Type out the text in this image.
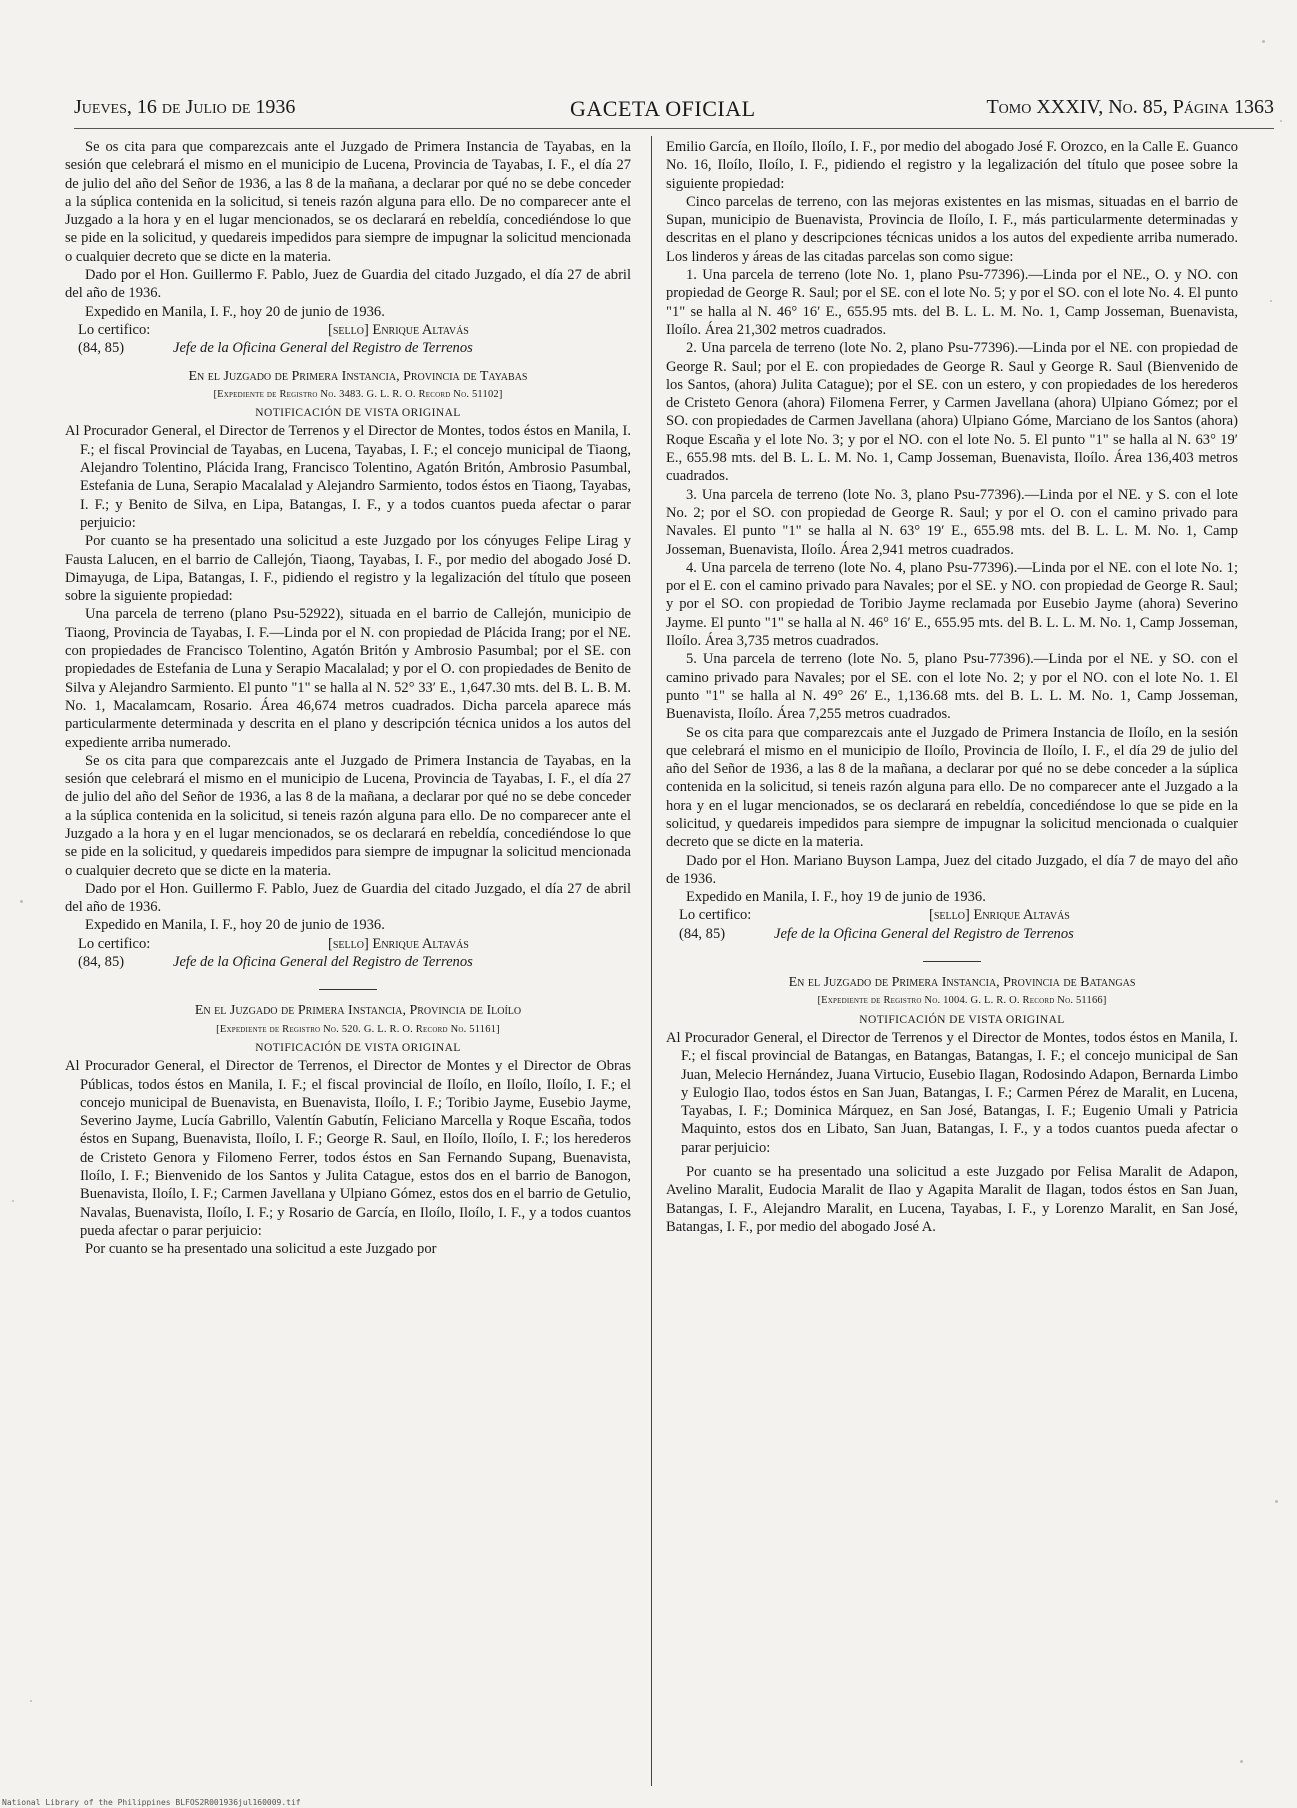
Jueves, 16 de Julio de 1936	GACETA OFICIAL	Tomo XXXIV, No. 85, Página 1363

Se os cita para que comparezcais ante el Juzgado de Primera Instancia de Tayabas, en la sesión que celebrará el mismo en el municipio de Lucena, Provincia de Tayabas, I. F., el día 27 de julio del año del Señor de 1936, a las 8 de la mañana, a declarar por qué no se debe conceder a la súplica contenida en la solicitud, si teneis razón alguna para ello. De no comparecer ante el Juzgado a la hora y en el lugar mencionados, se os declarará en rebeldía, concediéndose lo que se pide en la solicitud, y quedareis impedidos para siempre de impugnar la solicitud mencionada o cualquier decreto que se dicte en la materia.

Dado por el Hon. Guillermo F. Pablo, Juez de Guardia del citado Juzgado, el día 27 de abril del año de 1936.

Expedido en Manila, I. F., hoy 20 de junio de 1936.

Lo certifico:	[sello] Enrique Altavás
(84, 85)	Jefe de la Oficina General del Registro de Terrenos

En el Juzgado de Primera Instancia, Provincia de Tayabas

[Expediente de Registro No. 3483. G. L. R. O. Record No. 51102]

NOTIFICACIÓN DE VISTA ORIGINAL

Al Procurador General, el Director de Terrenos y el Director de Montes, todos éstos en Manila, I. F.; el fiscal Provincial de Tayabas, en Lucena, Tayabas, I. F.; el concejo municipal de Tiaong, Alejandro Tolentino, Plácida Irang, Francisco Tolentino, Agatón Britón, Ambrosio Pasumbal, Estefania de Luna, Serapio Macalalad y Alejandro Sarmiento, todos éstos en Tiaong, Tayabas, I. F.; y Benito de Silva, en Lipa, Batangas, I. F., y a todos cuantos pueda afectar o parar perjuicio:

Por cuanto se ha presentado una solicitud a este Juzgado por los cónyuges Felipe Lirag y Fausta Lalucen, en el barrio de Callejón, Tiaong, Tayabas, I. F., por medio del abogado José D. Dimayuga, de Lipa, Batangas, I. F., pidiendo el registro y la legalización del título que poseen sobre la siguiente propiedad:

Una parcela de terreno (plano Psu-52922), situada en el barrio de Callejón, municipio de Tiaong, Provincia de Tayabas, I. F.—Linda por el N. con propiedad de Plácida Irang; por el NE. con propiedades de Francisco Tolentino, Agatón Britón y Ambrosio Pasumbal; por el SE. con propiedades de Estefania de Luna y Serapio Macalalad; y por el O. con propiedades de Benito de Silva y Alejandro Sarmiento. El punto "1" se halla al N. 52° 33′ E., 1,647.30 mts. del B. L. B. M. No. 1, Macalamcam, Rosario. Área 46,674 metros cuadrados. Dicha parcela aparece más particularmente determinada y descrita en el plano y descripción técnica unidos a los autos del expediente arriba numerado.

Se os cita para que comparezcais ante el Juzgado de Primera Instancia de Tayabas, en la sesión que celebrará el mismo en el municipio de Lucena, Provincia de Tayabas, I. F., el día 27 de julio del año del Señor de 1936, a las 8 de la mañana, a declarar por qué no se debe conceder a la súplica contenida en la solicitud, si teneis razón alguna para ello. De no comparecer ante el Juzgado a la hora y en el lugar mencionados, se os declarará en rebeldía, concediéndose lo que se pide en la solicitud, y quedareis impedidos para siempre de impugnar la solicitud mencionada o cualquier decreto que se dicte en la materia.

Dado por el Hon. Guillermo F. Pablo, Juez de Guardia del citado Juzgado, el día 27 de abril del año de 1936.

Expedido en Manila, I. F., hoy 20 de junio de 1936.

Lo certifico:	[sello] Enrique Altavás
(84, 85)	Jefe de la Oficina General del Registro de Terrenos

En el Juzgado de Primera Instancia, Provincia de Iloílo

[Expediente de Registro No. 520. G. L. R. O. Record No. 51161]

NOTIFICACIÓN DE VISTA ORIGINAL

Al Procurador General, el Director de Terrenos, el Director de Montes y el Director de Obras Públicas, todos éstos en Manila, I. F.; el fiscal provincial de Iloílo, en Iloílo, Iloílo, I. F.; el concejo municipal de Buenavista, en Buenavista, Iloílo, I. F.; Toribio Jayme, Eusebio Jayme, Severino Jayme, Lucía Gabrillo, Valentín Gabutín, Feliciano Marcella y Roque Escaña, todos éstos en Supang, Buenavista, Iloílo, I. F.; George R. Saul, en Iloílo, Iloílo, I. F.; los herederos de Cristeto Genora y Filomeno Ferrer, todos éstos en San Fernando Supang, Buenavista, Iloílo, I. F.; Bienvenido de los Santos y Julita Catague, estos dos en el barrio de Banogon, Buenavista, Iloílo, I. F.; Carmen Javellana y Ulpiano Gómez, estos dos en el barrio de Getulio, Navalas, Buenavista, Iloílo, I. F.; y Rosario de García, en Iloílo, Iloílo, I. F., y a todos cuantos pueda afectar o parar perjuicio:

Por cuanto se ha presentado una solicitud a este Juzgado por

Emilio García, en Iloílo, Iloílo, I. F., por medio del abogado José F. Orozco, en la Calle E. Guanco No. 16, Iloílo, Iloílo, I. F., pidiendo el registro y la legalización del título que posee sobre la siguiente propiedad:

Cinco parcelas de terreno, con las mejoras existentes en las mismas, situadas en el barrio de Supan, municipio de Buenavista, Provincia de Iloílo, I. F., más particularmente determinadas y descritas en el plano y descripciones técnicas unidos a los autos del expediente arriba numerado. Los linderos y áreas de las citadas parcelas son como sigue:

1. Una parcela de terreno (lote No. 1, plano Psu-77396).—Linda por el NE., O. y NO. con propiedad de George R. Saul; por el SE. con el lote No. 5; y por el SO. con el lote No. 4. El punto "1" se halla al N. 46° 16′ E., 655.95 mts. del B. L. L. M. No. 1, Camp Josseman, Buenavista, Iloílo. Área 21,302 metros cuadrados.

2. Una parcela de terreno (lote No. 2, plano Psu-77396).—Linda por el NE. con propiedad de George R. Saul; por el E. con propiedades de George R. Saul y George R. Saul (Bienvenido de los Santos, (ahora) Julita Catague); por el SE. con un estero, y con propiedades de los herederos de Cristeto Genora (ahora) Filomena Ferrer, y Carmen Javellana (ahora) Ulpiano Gómez; por el SO. con propiedades de Carmen Javellana (ahora) Ulpiano Góme, Marciano de los Santos (ahora) Roque Escaña y el lote No. 3; y por el NO. con el lote No. 5. El punto "1" se halla al N. 63° 19′ E., 655.98 mts. del B. L. L. M. No. 1, Camp Josseman, Buenavista, Iloílo. Área 136,403 metros cuadrados.

3. Una parcela de terreno (lote No. 3, plano Psu-77396).—Linda por el NE. y S. con el lote No. 2; por el SO. con propiedad de George R. Saul; y por el O. con el camino privado para Navales. El punto "1" se halla al N. 63° 19′ E., 655.98 mts. del B. L. L. M. No. 1, Camp Josseman, Buenavista, Iloílo. Área 2,941 metros cuadrados.

4. Una parcela de terreno (lote No. 4, plano Psu-77396).—Linda por el NE. con el lote No. 1; por el E. con el camino privado para Navales; por el SE. y NO. con propiedad de George R. Saul; y por el SO. con propiedad de Toribio Jayme reclamada por Eusebio Jayme (ahora) Severino Jayme. El punto "1" se halla al N. 46° 16′ E., 655.95 mts. del B. L. L. M. No. 1, Camp Josseman, Iloílo. Área 3,735 metros cuadrados.

5. Una parcela de terreno (lote No. 5, plano Psu-77396).—Linda por el NE. y SO. con el camino privado para Navales; por el SE. con el lote No. 2; y por el NO. con el lote No. 1. El punto "1" se halla al N. 49° 26′ E., 1,136.68 mts. del B. L. L. M. No. 1, Camp Josseman, Buenavista, Iloílo. Área 7,255 metros cuadrados.

Se os cita para que comparezcais ante el Juzgado de Primera Instancia de Iloílo, en la sesión que celebrará el mismo en el municipio de Iloílo, Provincia de Iloílo, I. F., el día 29 de julio del año del Señor de 1936, a las 8 de la mañana, a declarar por qué no se debe conceder a la súplica contenida en la solicitud, si teneis razón alguna para ello. De no comparecer ante el Juzgado a la hora y en el lugar mencionados, se os declarará en rebeldía, concediéndose lo que se pide en la solicitud, y quedareis impedidos para siempre de impugnar la solicitud mencionada o cualquier decreto que se dicte en la materia.

Dado por el Hon. Mariano Buyson Lampa, Juez del citado Juzgado, el día 7 de mayo del año de 1936.

Expedido en Manila, I. F., hoy 19 de junio de 1936.

Lo certifico:	[sello] Enrique Altavás
(84, 85)	Jefe de la Oficina General del Registro de Terrenos

En el Juzgado de Primera Instancia, Provincia de Batangas

[Expediente de Registro No. 1004. G. L. R. O. Record No. 51166]

NOTIFICACIÓN DE VISTA ORIGINAL

Al Procurador General, el Director de Terrenos y el Director de Montes, todos éstos en Manila, I. F.; el fiscal provincial de Batangas, en Batangas, Batangas, I. F.; el concejo municipal de San Juan, Melecio Hernández, Juana Virtucio, Eusebio Ilagan, Rodosindo Adapon, Bernarda Limbo y Eulogio Ilao, todos éstos en San Juan, Batangas, I. F.; Carmen Pérez de Maralit, en Lucena, Tayabas, I. F.; Dominica Márquez, en San José, Batangas, I. F.; Eugenio Umali y Patricia Maquinto, estos dos en Libato, San Juan, Batangas, I. F., y a todos cuantos pueda afectar o parar perjuicio:

Por cuanto se ha presentado una solicitud a este Juzgado por Felisa Maralit de Adapon, Avelino Maralit, Eudocia Maralit de Ilao y Agapita Maralit de Ilagan, todos éstos en San Juan, Batangas, I. F., Alejandro Maralit, en Lucena, Tayabas, I. F., y Lorenzo Maralit, en San José, Batangas, I. F., por medio del abogado José A.

National Library of the Philippines BLFOS2R001936jul160009.tif
